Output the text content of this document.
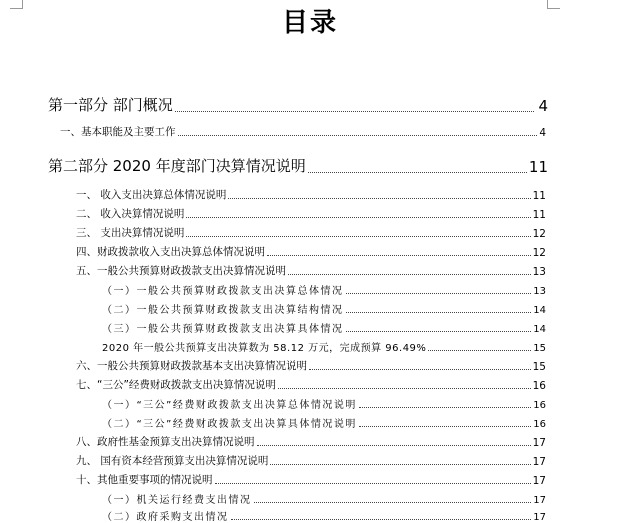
目录
第一部分 部门概况	4
一、基本职能及主要工作	4
第二部分 2020 年度部门决算情况说明	11
一、 收入支出决算总体情况说明	11
二、 收入决算情况说明	11
三、 支出决算情况说明	12
四、财政拨款收入支出决算总体情况说明	12
五、一般公共预算财政拨款支出决算情况说明	13
（一）一般公共预算财政拨款支出决算总体情况	13
（二）一般公共预算财政拨款支出决算结构情况	14
（三）一般公共预算财政拨款支出决算具体情况	14
2020 年一般公共预算支出决算数为 58.12 万元，完成预算 96.49%	15
六、一般公共预算财政拨款基本支出决算情况说明	15
七、“三公”经费财政拨款支出决算情况说明	16
（一）“三公”经费财政拨款支出决算总体情况说明	16
（二）“三公”经费财政拨款支出决算具体情况说明	16
八、政府性基金预算支出决算情况说明	17
九、 国有资本经营预算支出决算情况说明	17
十、其他重要事项的情况说明	17
（一）机关运行经费支出情况	17
（二）政府采购支出情况	17
